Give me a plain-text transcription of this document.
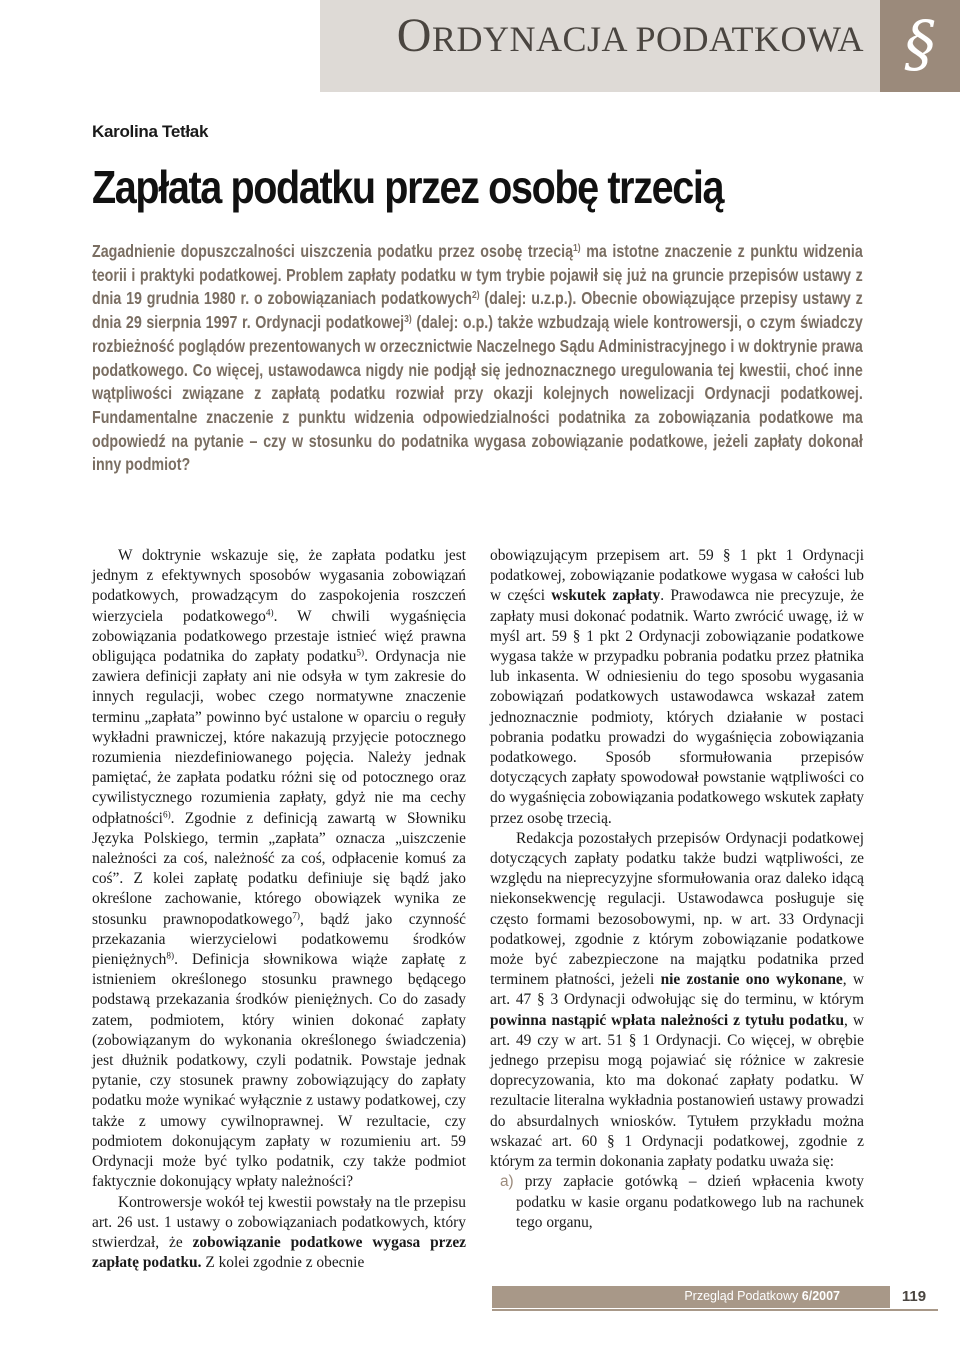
ORDYNACJA PODATKOWA §
Karolina Tetłak
Zapłata podatku przez osobę trzecią
Zagadnienie dopuszczalności uiszczenia podatku przez osobę trzecią$^{1)}$ ma istotne znaczenie z punktu widzenia teorii i praktyki podatkowej. Problem zapłaty podatku w tym trybie pojawił się już na gruncie przepisów ustawy z dnia 19 grudnia 1980 r. o zobowiązaniach podatkowych$^{2)}$ (dalej: u.z.p.). Obecnie obowiązujące przepisy ustawy z dnia 29 sierpnia 1997 r. Ordynacji podatkowej$^{3)}$ (dalej: o.p.) także wzbudzają wiele kontrowersji, o czym świadczy rozbieżność poglądów prezentowanych w orzecznictwie Naczelnego Sądu Administracyjnego i w doktrynie prawa podatkowego. Co więcej, ustawodawca nigdy nie podjął się jednoznacznego uregulowania tej kwestii, choć inne wątpliwości związane z zapłatą podatku rozwiał przy okazji kolejnych nowelizacji Ordynacji podatkowej. Fundamentalne znaczenie z punktu widzenia odpowiedzialności podatnika za zobowiązania podatkowe ma odpowiedź na pytanie – czy w stosunku do podatnika wygasa zobowiązanie podatkowe, jeżeli zapłaty dokonał inny podmiot?

W doktrynie wskazuje się, że zapłata podatku jest jednym z efektywnych sposobów wygasania zobowiązań podatkowych, prowadzącym do zaspokojenia roszczeń wierzyciela podatkowego$^{4)}$. W chwili wygaśnięcia zobowiązania podatkowego przestaje istnieć więź prawna obligująca podatnika do zapłaty podatku$^{5)}$. Ordynacja nie zawiera definicji zapłaty ani nie odsyła w tym zakresie do innych regulacji, wobec czego normatywne znaczenie terminu „zapłata” powinno być ustalone w oparciu o reguły wykładni prawniczej, które nakazują przyjęcie potocznego rozumienia niezdefiniowanego pojęcia. Należy jednak pamiętać, że zapłata podatku różni się od potocznego oraz cywilistycznego rozumienia zapłaty, gdyż nie ma cechy odpłatności$^{6)}$. Zgodnie z definicją zawartą w Słowniku Języka Polskiego, termin „zapłata” oznacza „uiszczenie należności za coś, należność za coś, odpłacenie komuś za coś”. Z kolei zapłatę podatku definiuje się bądź jako określone zachowanie, którego obowiązek wynika ze stosunku prawnopodatkowego$^{7)}$, bądź jako czynność przekazania wierzycielowi podatkowemu środków pieniężnych$^{8)}$. Definicja słownikowa wiąże zapłatę z istnieniem określonego stosunku prawnego będącego podstawą przekazania środków pieniężnych. Co do zasady zatem, podmiotem, który winien dokonać zapłaty (zobowiązanym do wykonania określonego świadczenia) jest dłużnik podatkowy, czyli podatnik. Powstaje jednak pytanie, czy stosunek prawny zobowiązujący do zapłaty podatku może wynikać wyłącznie z ustawy podatkowej, czy także z umowy cywilnoprawnej. W rezultacie, czy podmiotem dokonującym zapłaty w rozumieniu art. 59 Ordynacji może być tylko podatnik, czy także podmiot faktycznie dokonujący wpłaty należności?

Kontrowersje wokół tej kwestii powstały na tle przepisu art. 26 ust. 1 ustawy o zobowiązaniach podatkowych, który stwierdzał, że zobowiązanie podatkowe wygasa przez zapłatę podatku. Z kolei zgodnie z obecnie

obowiązującym przepisem art. 59 § 1 pkt 1 Ordynacji podatkowej, zobowiązanie podatkowe wygasa w całości lub w części wskutek zapłaty. Prawodawca nie precyzuje, że zapłaty musi dokonać podatnik. Warto zwrócić uwagę, iż w myśl art. 59 § 1 pkt 2 Ordynacji zobowiązanie podatkowe wygasa także w przypadku pobrania podatku przez płatnika lub inkasenta. W odniesieniu do tego sposobu wygasania zobowiązań podatkowych ustawodawca wskazał zatem jednoznacznie podmioty, których działanie w postaci pobrania podatku prowadzi do wygaśnięcia zobowiązania podatkowego. Sposób sformułowania przepisów dotyczących zapłaty spowodował powstanie wątpliwości co do wygaśnięcia zobowiązania podatkowego wskutek zapłaty przez osobę trzecią.

Redakcja pozostałych przepisów Ordynacji podatkowej dotyczących zapłaty podatku także budzi wątpliwości, ze względu na nieprecyzyjne sformułowania oraz daleko idącą niekonsekwencję regulacji. Ustawodawca posługuje się często formami bezosobowymi, np. w art. 33 Ordynacji podatkowej, zgodnie z którym zobowiązanie podatkowe może być zabezpieczone na majątku podatnika przed terminem płatności, jeżeli nie zostanie ono wykonane, w art. 47 § 3 Ordynacji odwołując się do terminu, w którym powinna nastąpić wpłata należności z tytułu podatku, w art. 49 czy w art. 51 § 1 Ordynacji. Co więcej, w obrębie jednego przepisu mogą pojawiać się różnice w zakresie doprecyzowania, kto ma dokonać zapłaty podatku. W rezultacie literalna wykładnia postanowień ustawy prowadzi do absurdalnych wniosków. Tytułem przykładu można wskazać art. 60 § 1 Ordynacji podatkowej, zgodnie z którym za termin dokonania zapłaty podatku uważa się:

a) przy zapłacie gotówką – dzień wpłacenia kwoty podatku w kasie organu podatkowego lub na rachunek tego organu,
Przegląd Podatkowy 6/2007	119
